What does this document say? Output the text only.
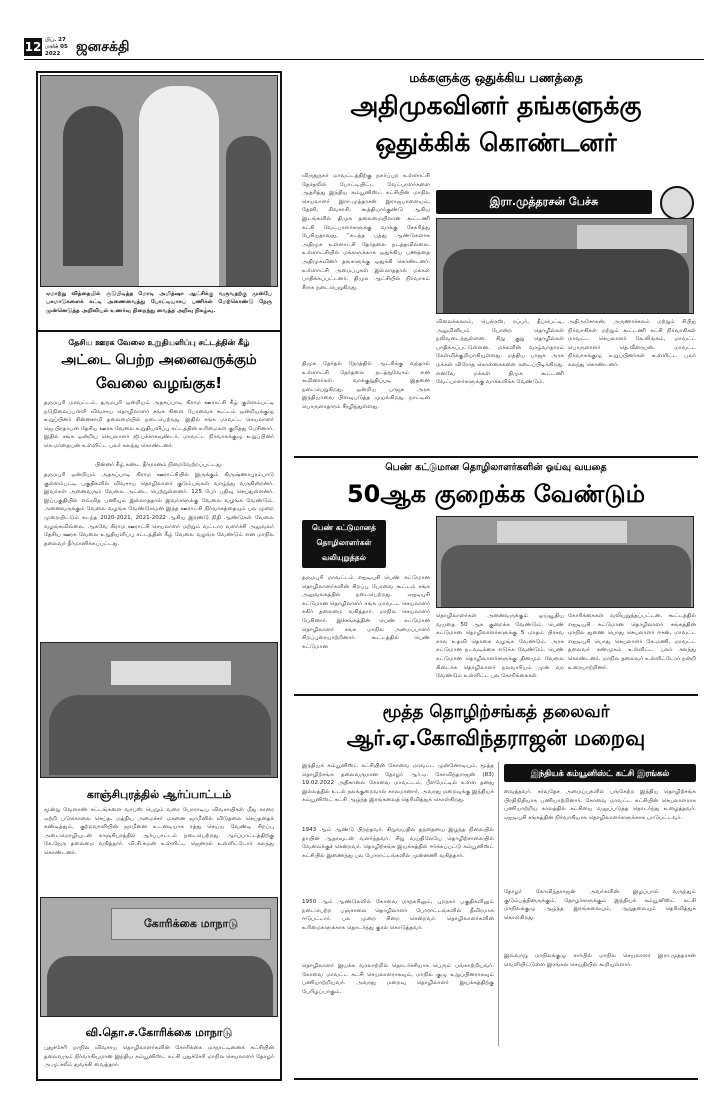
12 பிப். 27
மார்ச் 05
2022	ஜனசக்தி
ஏமாற்று வித்தையில் சூடுபிடித்த மோடி அமித்ஷா ஆட்சிக்கு வருவதற்கு முன்பே பசுமாடுகளைக் கட்டி அணைவைத்து போட்டியாகப் பணிகள் மேற்கொண்டு நேரு முன்னெடுத்த அறிவியல் உணர்வு நிறைந்து வைத்த அறிவு நிகழ்வு.
தேசிய ஊரக வேலை உறுதியளிப்பு சட்டத்தின் கீழ்
அட்டை பெற்ற அனைவருக்கும்
வேலை வழங்குக!
தருமபுரி மாவட்டம், தருமபுரி ஒன்றியம் அதகப்பாடி கிராம ஊராட்சி கீழ் குள்ளம்பட்டி நடுநிலைப்பள்ளி விவசாய தொழிலாளர் சங்க கிளை பேரவைக் கூட்டம் ஒன்றியக்குழு உறுப்பினர் சின்னசாமி தலைமையில் நடைபெற்றது. இதில் சங்க மாவட்ட செயலாளர் ஜெ.பிரதாபன் தேசிய ஊரக வேலை உறுதியளிப்பு சட்டத்தின் உரிமைகள் குறித்து பேசினார். இதில் சங்க ஒன்றிய செயலாளர் ஜி.பச்சாகவுண்டர், மாவட்ட நிர்வாகக்குழு உறுப்பினர் கெ.மாதையன் உள்ளிட்ட பலர் கலந்து கொண்டனர்.
பின்னர் கீழ் கண்ட தீர்மானம் நிறைவேற்றப்பட்டது.
தருமபுரி ஒன்றியம் அதகப்பாடி கிராம ஊராட்சியில் இருக்கும் கிருஷ்ணாபுரம்பாடு குள்ளம்பட்டி பகுதிகளில் விவசாய தொழிலாளர் குடும்பங்கள் வாழ்ந்து வருகின்றனர். இவர்கள் அனைவரும் வேலை அட்டை பெற்றுள்ளனர். 125 பேர் பதிவு செய்துள்ளனர். இப்பகுதியில் எவ்வித பணியும் இல்லாததால் இவர்களுக்கு வேலை வழங்க வேண்டும். அனைவருக்கும் வேலை வழங்க வேண்டுமென இந்த ஊராட்சி நிர்வாகத்தையும் பல முறை முறையிட்டும் கடந்த 2020-2021, 2021-2022 ஆகிய இரண்டு நிதி ஆண்டுகள் வேலை வழங்கவில்லை. ஆகவே கிராம ஊராட்சி செயலாளர் மற்றும் வட்டார வளர்ச்சி அலுவலர் தேசிய ஊரக வேலை உறுதியளிப்பு சட்டத்தின் கீழ் வேலை வழங்க வேண்டும் என மாநில தலைவர் தீர்மானிக்கப்பட்டது.
காஞ்சிபுரத்தில் ஆர்ப்பாட்டம்
மூன்று வேளாண் சட்டங்களை வாபஸ் பெறும் வரை போராடிய விவசாயிகள் மீது காரை ஏற்றி படுகொலை செய்த, மத்திய அமைச்சர் மகனை ஜாமீனில் விடுதலை செய்ததைக் கண்டித்தும், குற்றவாளியின் ஜாமீனை உடனடியாக ரத்து செய்ய வேண்டி சிறப்பு அடைமொழியுடன் காஞ்சிபுரத்தில் ஆர்ப்பாட்டம் நடைபெற்றது. ஆர்ப்பாட்டத்திற்கு கே.நேரு தலைமை வகித்தார். வி.சி.சுமன் உள்ளிட்ட ஜெனரல் உள்ளிட்டோர் கலந்து கொண்டனர்.
கோரிக்கை மாநாடு
வி.தொ.ச.கோரிக்கை மாநாடு
புதுச்சேரி மாநில விவசாய தொழிலாளர்களின் கோரிக்கை மாநாட்டினைக் கட்சியின் தலைவரும் நிர்வாகியுமான இந்திய கம்யூனிஸ்ட் கட்சி புதுச்சேரி மாநில செயலாளர் தோழர் அ.மு.சலீம் துவக்கி வைத்தார்.
மக்களுக்கு ஒதுக்கிய பணத்தை
அதிமுகவினர் தங்களுக்கு
ஒதுக்கிக் கொண்டனர்
விருதுநகர் மாவட்டத்திற்கு நகர்ப்புற உள்ளாட்சி தேர்தலில் போட்டியிட்ட வேட்பாளர்களை ஆதரித்து இந்திய கம்யூனிஸ்ட் கட்சியின் மாநில செயலாளர் இரா.முத்தரசன் இராஜபாளையம், தேனி, சிவகாசி, கூத்தியார்குண்டு ஆகிய இடங்களில் திமுக தலைமையிலான கூட்டணி கட்சி வேட்பாளர்களுக்கு வாக்கு சேகரித்து பேசியதாவது, “கடந்த பத்து ஆண்டுகளாக அதிமுக உள்ளாட்சி தேர்தலை நடத்தவில்லை. உள்ளாட்சியில் மக்களுக்காக ஒதுக்கிய பணத்தை அதிமுகவினர் தங்களுக்கு ஒதுக்கி கொண்டனர். உள்ளாட்சி அமைப்புகள் இல்லாததால் மக்கள் பாதிக்கப்பட்டனர். திமுக ஆட்சியில் நிர்வாகம் சீராக நடைபெறுகிறது.
திமுக தேர்தல் நேரத்தில் ஆட்சிக்கு வந்தால் உள்ளாட்சி தேர்தலை நடத்துவோம் என கூறினார்கள். வாக்குறுதிப்படி இதனை நடைபெறுகிறது. ஒன்றிய பாஜக அரசு இந்தியாவை பிளவுபடுத்த முயல்கிறது. நாட்டின் பொருளாதாரம் சீரழிந்துள்ளது.
இரா.முத்தரசன் பேச்சு
விலைக்கலாம், பெல்ரஸ், ரப்பர், தீப்பெட்டி, அலுமினியம் போன்ற தொழில்கள் நலிவடைந்துள்ளன. சிறு குறு தொழில்கள் பாதிக்கப்பட்டுள்ளன. மக்களின் வாழ்வாதாரம் கேள்விக்குறியாகியுள்ளது. மத்திய பாஜக அரசு மக்கள் விரோத கொள்கைகளை கடைப்பிடிக்கிறது. எனவே மக்கள் திமுக கூட்டணி வேட்பாளர்களுக்கு வாக்களிக்க வேண்டும்.
அதிஅசோகன், அருணாச்சலம் மற்றும் சிபிஐ நிர்வாகிகள் மற்றும் கூட்டணி கட்சி நிர்வாகிகள் மாவட்ட செயலாளர் கே.லிங்கம், மாவட்ட பொருளாளர் தெ.வீரையன், மாவட்ட நிர்வாகக்குழு உறுப்பினர்கள் உள்ளிட்ட பலர் கலந்து கொண்டனர்.
பெண் கட்டுமான தொழிலாளர்களின் ஓய்வு வயதை
50ஆக குறைக்க வேண்டும்
பெண் கட்டுமானத்
தொழிலாளர்கள்
வலியுறுத்தல்
தருமபுரி மாவட்டம் எஐடியுசி பெண் கட்டுமான தொழிலாளர்களின் சிறப்பு பேரவை கூட்டம் சங்க அலுவலகத்தில் நடைபெற்றது. ஏஐடியுசி கட்டுமான தொழிலாளர் சங்க மாவட்ட செயலாளர் சுகிர் தலைமை வகித்தார். மாநில செயலாளர் பேசினார். இச்சங்கத்தின் பெண் கட்டுமான தொழிலாளர் சங்க மாநில அமைப்பாளர் சிறப்புரையாற்றினார். கூட்டத்தில் பெண் கட்டுமான
தொழிலாளர்கள் அனைவருக்கும் ஓய்வூதிய வயதை 50 ஆக குறைக்க வேண்டும். பெண் கட்டுமான தொழிலாளர்களுக்கு 5 மாதம் பிரசவ கால உதவி தொகை வழங்க வேண்டும். அரசு கட்டுமான நடவடிக்கை எடுக்க வேண்டும். பெண் கட்டுமான தொழிலாளர்களுக்கு தினமும் வேலை கிடைக்க தொழிலாளர் நலவாரியம் முன் வர வேண்டும் உள்ளிட்ட பல கோரிக்கைகள்
கோரிக்கைகள் வலியுறுத்தப்பட்டன. கூட்டத்தில் எஐடியுசி கட்டுமான தொழிலாளர் சங்கத்தின் மாநில துணை பொது செயலாளர் ஈசன், மாவட்ட எஐடியுசி பொது செயலாளர் கே.மணி, மாவட்ட தலைவர் சண்முகம் உள்ளிட்ட பலர் கலந்து கொண்டனர். மாநில தலைவர் உள்ளிட்டோர் நன்றி உரையாற்றினர்.
மூத்த தொழிற்சங்கத் தலைவர்
ஆர்.ஏ.கோவிந்தராஜன் மறைவு
இந்தியக் கம்யூனிஸ்ட் கட்சியின் கோவை மாவட்ட முன்னோடியும், மூத்த தொழிற்சங்க தலைவருமான தோழர் ஆர்.ஏ. கோவிந்தராஜன் (83) 19.02.2022 அதிகாலை கோவை மாவட்டம், பீளமேட்டில் உள்ள தனது இல்லத்தில் உடல் நலக்குறைவால் காலமானார். அவரது மறைவுக்கு இந்தியக் கம்யூனிஸ்ட் கட்சி ஆழ்ந்த இரங்கலைத் தெரிவித்துக் கொள்கிறது.
1943 ஆம் ஆண்டு பிறந்தவர். சிறுவயதில் தந்தையை இழந்த நிலையில் தாயின் ஆதரவுடன் வளர்ந்தவர். சிறு வயதிலேயே தொழிற்சாலையில் வேலைக்குச் சென்றவர். தொழிற்சங்க இயக்கத்தில் ஈர்க்கப்பட்டு கம்யூனிஸ்ட் கட்சியில் இணைந்து பல போராட்டங்களில் முன்னணி வகித்தார்.
1950 ஆம் ஆண்டுகளில் கோவை மாநகரிலும், புறநகர் பகுதிகளிலும் நடைபெற்ற பஞ்சாலை தொழிலாளர் போராட்டங்களில் தீவிரமாக ஈடுபட்டார். பல முறை சிறை சென்றவர். தொழிலாளர்களின் உரிமைகளுக்காக தொடர்ந்து குரல் கொடுத்தவர்.
தொழிலாளர் இயக்க வரலாற்றில் தொடர்ச்சியாக பெரும் பங்காற்றியவர். கோவை மாவட்ட கட்சி செயலாளராகவும், மாநில குழு உறுப்பினராகவும் பணியாற்றியவர். அவரது மறைவு தொழிலாளர் இயக்கத்திற்கு பேரிழப்பாகும்.
இந்தியக் கம்யூனிஸ்ட் கட்சி இரங்கல்
வைத்தவர். சர்வதேச அமைப்புகளில் பங்கேற்ற இந்திய தொழிற்சங்க பிரதிநிதியாக பணியாற்றினார். கோவை மாவட்ட கட்சியின் செயலாளராக பணியாற்றிய காலத்தில் கட்சியை வலுப்படுத்த தொடர்ந்து உழைத்தவர். ஏஐடியுசி சங்கத்தின் நிர்வாகியாக தொழிலாளர்களுக்காக பாடுபட்டவர்.
தோழர் கோவிந்தராஜன் அவர்களின் இழப்பால் வருந்தும் குடும்பத்தினருக்கும், தோழர்களுக்கும் இந்தியக் கம்யூனிஸ்ட் கட்சி மாநிலக்குழு ஆழ்ந்த இரங்கலையும், ஆறுதலையும் தெரிவித்துக் கொள்கிறது.
இவ்வாறு மாநிலக்குழு சார்பில் மாநில செயலாளர் இரா.முத்தரசன் வெளியிட்டுள்ள இரங்கல் செய்தியில் கூறியுள்ளார்.
